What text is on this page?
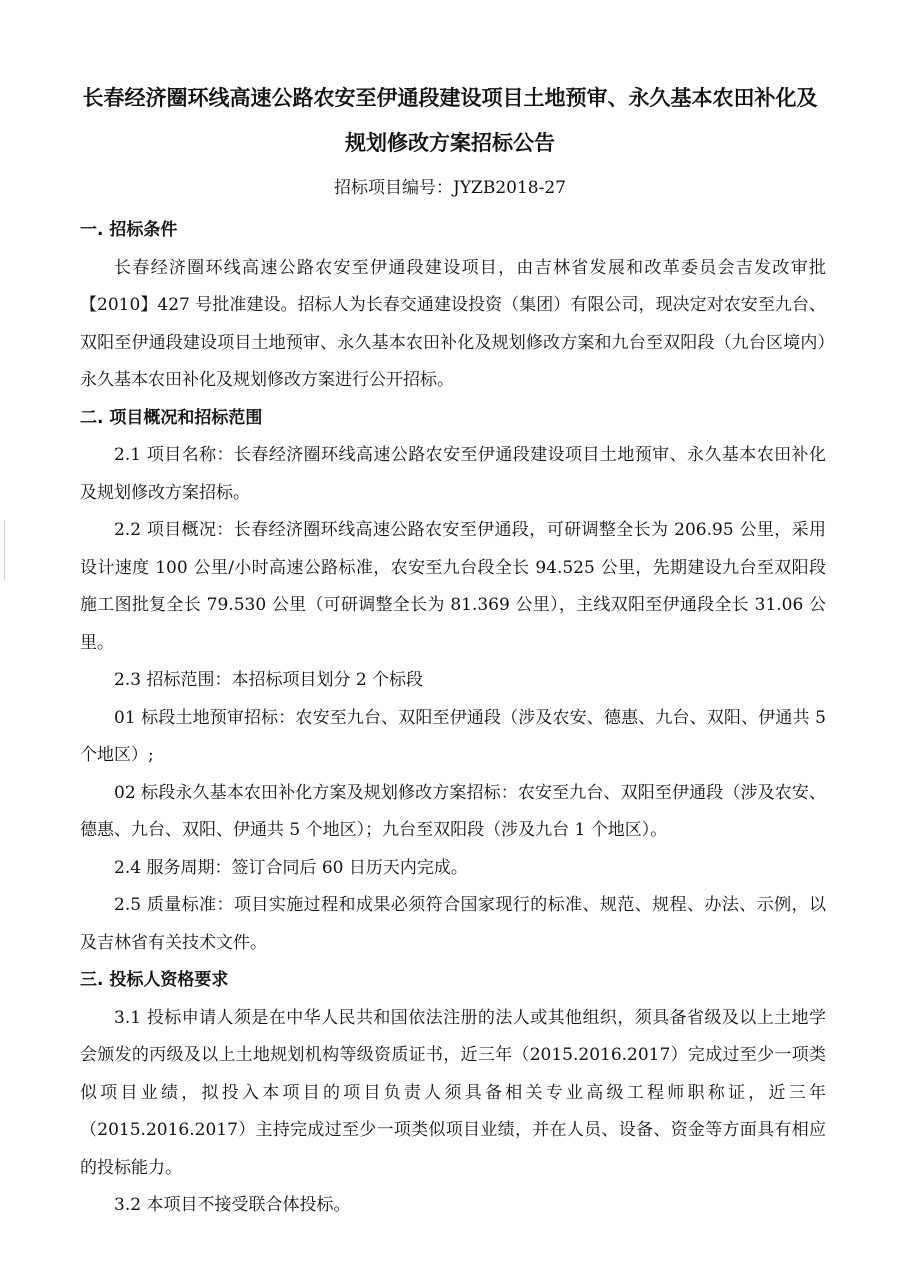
长春经济圈环线高速公路农安至伊通段建设项目土地预审、永久基本农田补化及
规划修改方案招标公告
招标项目编号：JYZB2018-27
一. 招标条件

长春经济圈环线高速公路农安至伊通段建设项目，由吉林省发展和改革委员会吉发改审批【2010】427 号批准建设。招标人为长春交通建设投资（集团）有限公司，现决定对农安至九台、双阳至伊通段建设项目土地预审、永久基本农田补化及规划修改方案和九台至双阳段（九台区境内）永久基本农田补化及规划修改方案进行公开招标。

二. 项目概况和招标范围

2.1 项目名称：长春经济圈环线高速公路农安至伊通段建设项目土地预审、永久基本农田补化及规划修改方案招标。

2.2 项目概况：长春经济圈环线高速公路农安至伊通段，可研调整全长为 206.95 公里，采用设计速度 100 公里/小时高速公路标准，农安至九台段全长 94.525 公里，先期建设九台至双阳段施工图批复全长 79.530 公里（可研调整全长为 81.369 公里），主线双阳至伊通段全长 31.06 公里。

2.3 招标范围：本招标项目划分 2 个标段

01 标段土地预审招标：农安至九台、双阳至伊通段（涉及农安、德惠、九台、双阳、伊通共 5 个地区）;

02 标段永久基本农田补化方案及规划修改方案招标：农安至九台、双阳至伊通段（涉及农安、德惠、九台、双阳、伊通共 5 个地区）；九台至双阳段（涉及九台 1 个地区）。

2.4 服务周期：签订合同后 60 日历天内完成。

2.5 质量标准：项目实施过程和成果必须符合国家现行的标准、规范、规程、办法、示例，以及吉林省有关技术文件。

三. 投标人资格要求

3.1 投标申请人须是在中华人民共和国依法注册的法人或其他组织，须具备省级及以上土地学会颁发的丙级及以上土地规划机构等级资质证书，近三年（2015.2016.2017）完成过至少一项类似项目业绩，拟投入本项目的项目负责人须具备相关专业高级工程师职称证，近三年（2015.2016.2017）主持完成过至少一项类似项目业绩，并在人员、设备、资金等方面具有相应的投标能力。

3.2 本项目不接受联合体投标。
